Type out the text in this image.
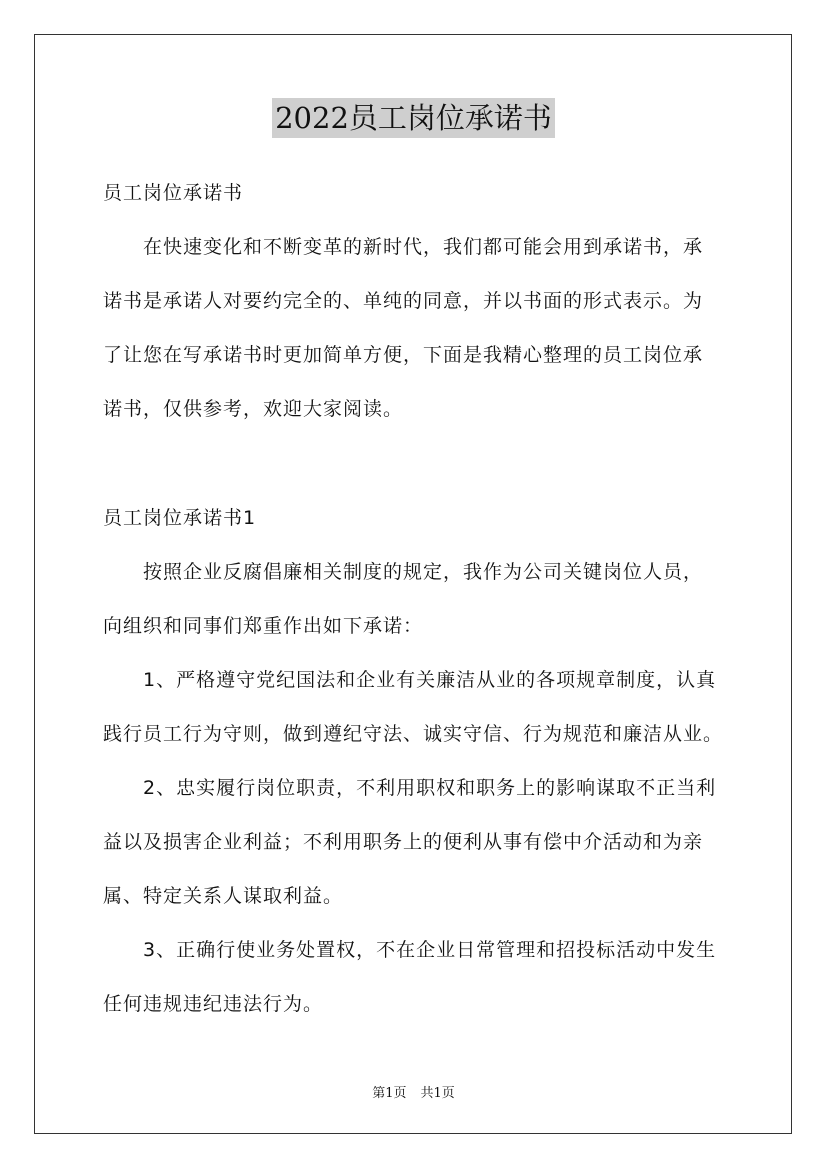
2022员工岗位承诺书
员工岗位承诺书
　　在快速变化和不断变革的新时代，我们都可能会用到承诺书，承
诺书是承诺人对要约完全的、单纯的同意，并以书面的形式表示。为
了让您在写承诺书时更加简单方便，下面是我精心整理的员工岗位承
诺书，仅供参考，欢迎大家阅读。
员工岗位承诺书1
　　按照企业反腐倡廉相关制度的规定，我作为公司关键岗位人员，
向组织和同事们郑重作出如下承诺：
　　1、严格遵守党纪国法和企业有关廉洁从业的各项规章制度，认真
践行员工行为守则，做到遵纪守法、诚实守信、行为规范和廉洁从业。
　　2、忠实履行岗位职责，不利用职权和职务上的影响谋取不正当利
益以及损害企业利益；不利用职务上的便利从事有偿中介活动和为亲
属、特定关系人谋取利益。
　　3、正确行使业务处置权，不在企业日常管理和招投标活动中发生
任何违规违纪违法行为。
第1页 共1页
